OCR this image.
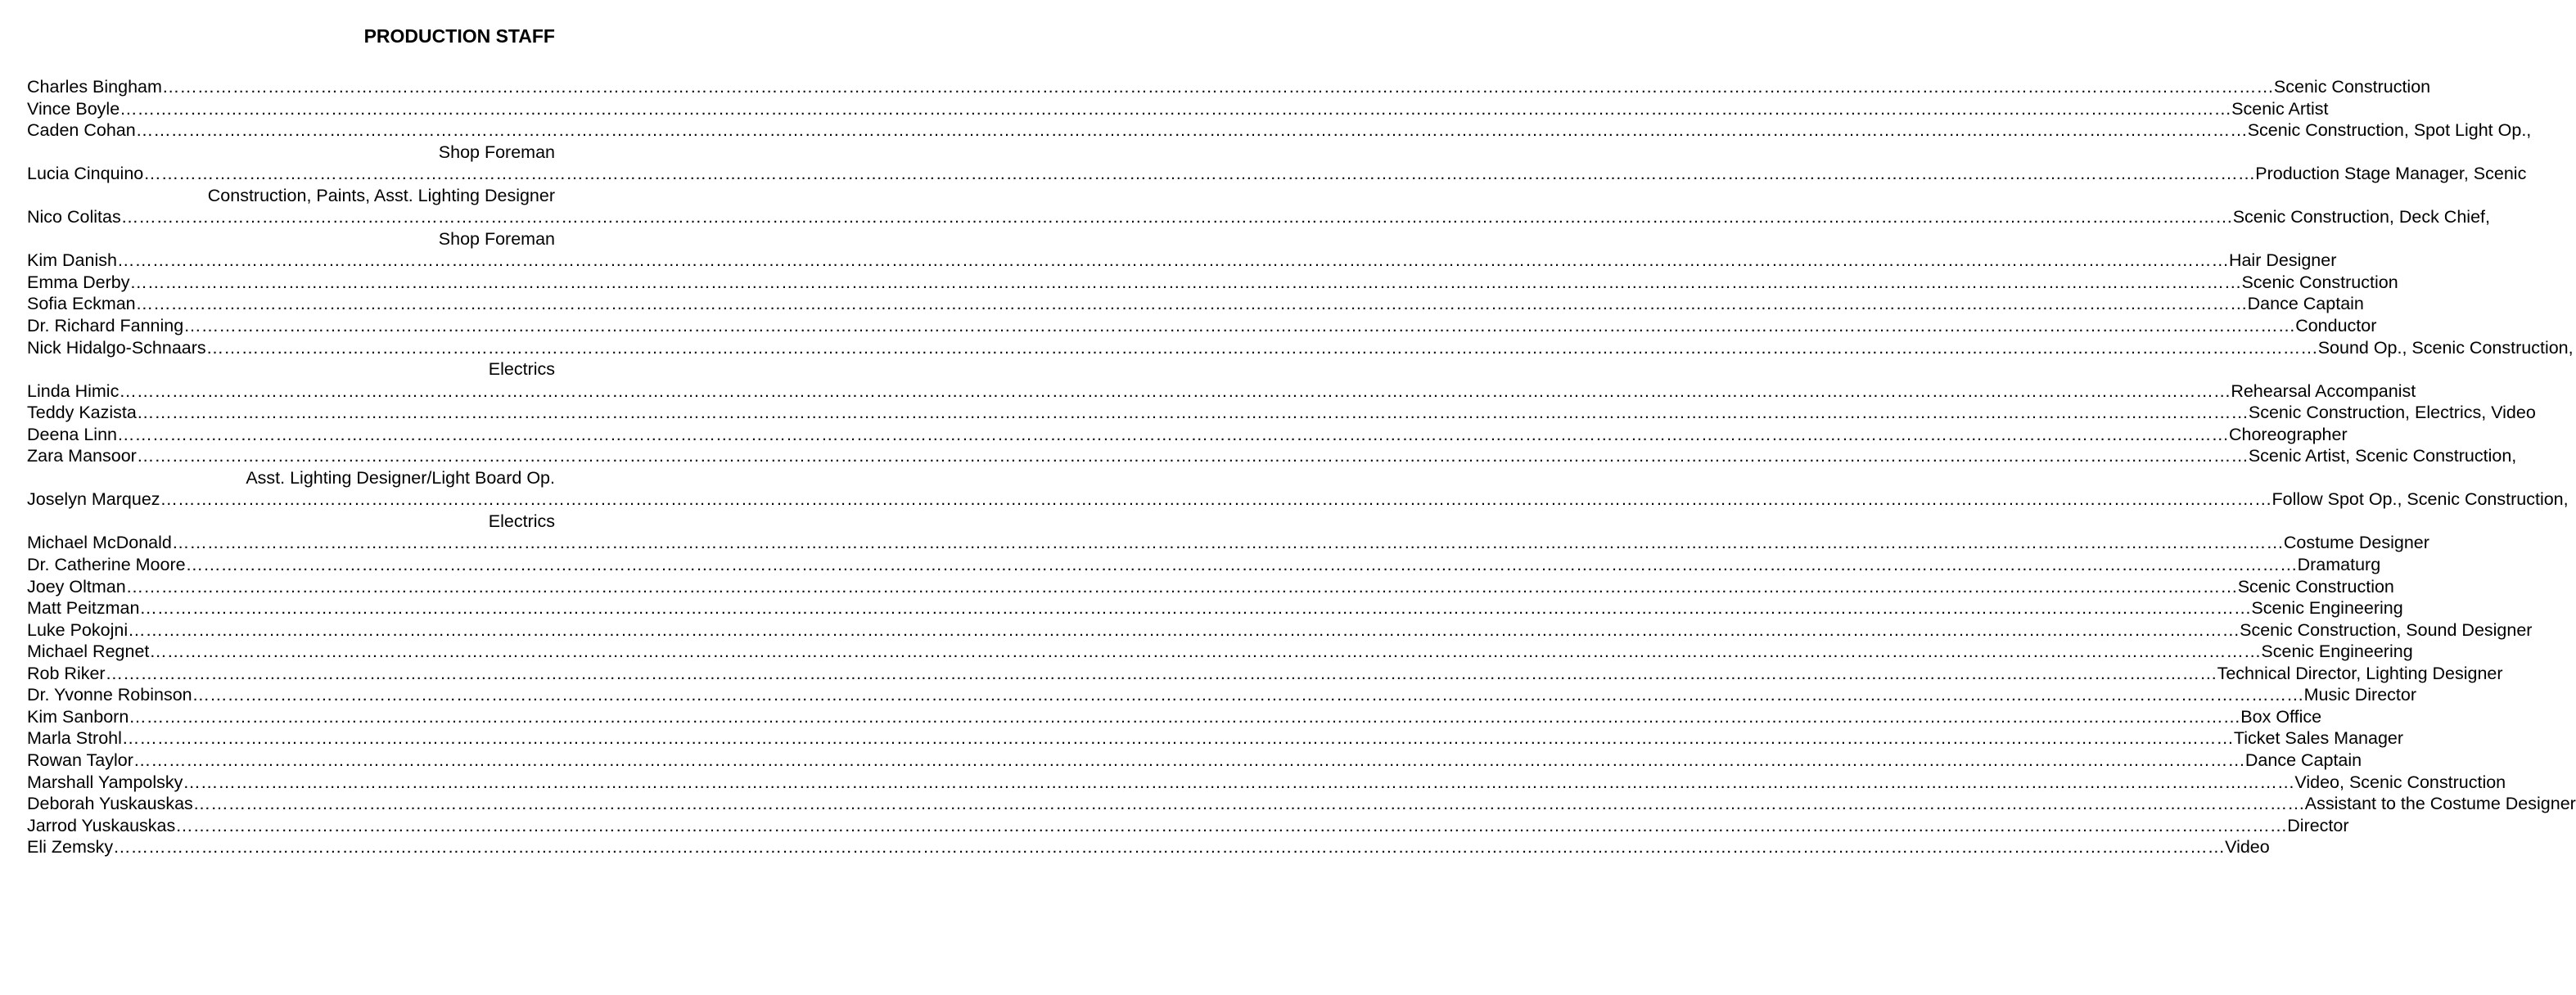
PRODUCTION STAFF
Charles Bingham ……………………………………………………………………………………………………………………………………………………………………………………………………………………………………………………………………………………………………………………………… Scenic Construction
Vince Boyle ……………………………………………………………………………………………………………………………………………………………………………………………………………………………………………………………………………………………………………………………… Scenic Artist
Caden Cohan ……………………………………………………………………………………………………………………………………………………………………………………………………………………………………………………………………………………………………………………………… Scenic Construction, Spot Light Op.,
Shop Foreman
Lucia Cinquino ……………………………………………………………………………………………………………………………………………………………………………………………………………………………………………………………………………………………………………………………… Production Stage Manager, Scenic
Construction, Paints, Asst. Lighting Designer
Nico Colitas ……………………………………………………………………………………………………………………………………………………………………………………………………………………………………………………………………………………………………………………………… Scenic Construction, Deck Chief,
Shop Foreman
Kim Danish ……………………………………………………………………………………………………………………………………………………………………………………………………………………………………………………………………………………………………………………………… Hair Designer
Emma Derby ……………………………………………………………………………………………………………………………………………………………………………………………………………………………………………………………………………………………………………………………… Scenic Construction
Sofia Eckman ……………………………………………………………………………………………………………………………………………………………………………………………………………………………………………………………………………………………………………………………… Dance Captain
Dr. Richard Fanning ……………………………………………………………………………………………………………………………………………………………………………………………………………………………………………………………………………………………………………………………… Conductor
Nick Hidalgo-Schnaars ……………………………………………………………………………………………………………………………………………………………………………………………………………………………………………………………………………………………………………………………… Sound Op., Scenic Construction,
Electrics
Linda Himic ……………………………………………………………………………………………………………………………………………………………………………………………………………………………………………………………………………………………………………………………… Rehearsal Accompanist
Teddy Kazista ……………………………………………………………………………………………………………………………………………………………………………………………………………………………………………………………………………………………………………………………… Scenic Construction, Electrics, Video
Deena Linn ……………………………………………………………………………………………………………………………………………………………………………………………………………………………………………………………………………………………………………………………… Choreographer
Zara Mansoor ……………………………………………………………………………………………………………………………………………………………………………………………………………………………………………………………………………………………………………………………… Scenic Artist, Scenic Construction,
Asst. Lighting Designer/Light Board Op.
Joselyn Marquez ……………………………………………………………………………………………………………………………………………………………………………………………………………………………………………………………………………………………………………………………… Follow Spot Op., Scenic Construction,
Electrics
Michael McDonald ……………………………………………………………………………………………………………………………………………………………………………………………………………………………………………………………………………………………………………………………… Costume Designer
Dr. Catherine Moore ……………………………………………………………………………………………………………………………………………………………………………………………………………………………………………………………………………………………………………………………… Dramaturg
Joey Oltman ……………………………………………………………………………………………………………………………………………………………………………………………………………………………………………………………………………………………………………………………… Scenic Construction
Matt Peitzman ……………………………………………………………………………………………………………………………………………………………………………………………………………………………………………………………………………………………………………………………… Scenic Engineering
Luke Pokojni ……………………………………………………………………………………………………………………………………………………………………………………………………………………………………………………………………………………………………………………………… Scenic Construction, Sound Designer
Michael Regnet ……………………………………………………………………………………………………………………………………………………………………………………………………………………………………………………………………………………………………………………………… Scenic Engineering
Rob Riker ……………………………………………………………………………………………………………………………………………………………………………………………………………………………………………………………………………………………………………………………… Technical Director, Lighting Designer
Dr. Yvonne Robinson ……………………………………………………………………………………………………………………………………………………………………………………………………………………………………………………………………………………………………………………………… Music Director
Kim Sanborn ……………………………………………………………………………………………………………………………………………………………………………………………………………………………………………………………………………………………………………………………… Box Office
Marla Strohl ……………………………………………………………………………………………………………………………………………………………………………………………………………………………………………………………………………………………………………………………… Ticket Sales Manager
Rowan Taylor ……………………………………………………………………………………………………………………………………………………………………………………………………………………………………………………………………………………………………………………………… Dance Captain
Marshall Yampolsky ……………………………………………………………………………………………………………………………………………………………………………………………………………………………………………………………………………………………………………………………… Video, Scenic Construction
Deborah Yuskauskas ……………………………………………………………………………………………………………………………………………………………………………………………………………………………………………………………………………………………………………………………… Assistant to the Costume Designer
Jarrod Yuskauskas ……………………………………………………………………………………………………………………………………………………………………………………………………………………………………………………………………………………………………………………………… Director
Eli Zemsky ……………………………………………………………………………………………………………………………………………………………………………………………………………………………………………………………………………………………………………………………… Video
